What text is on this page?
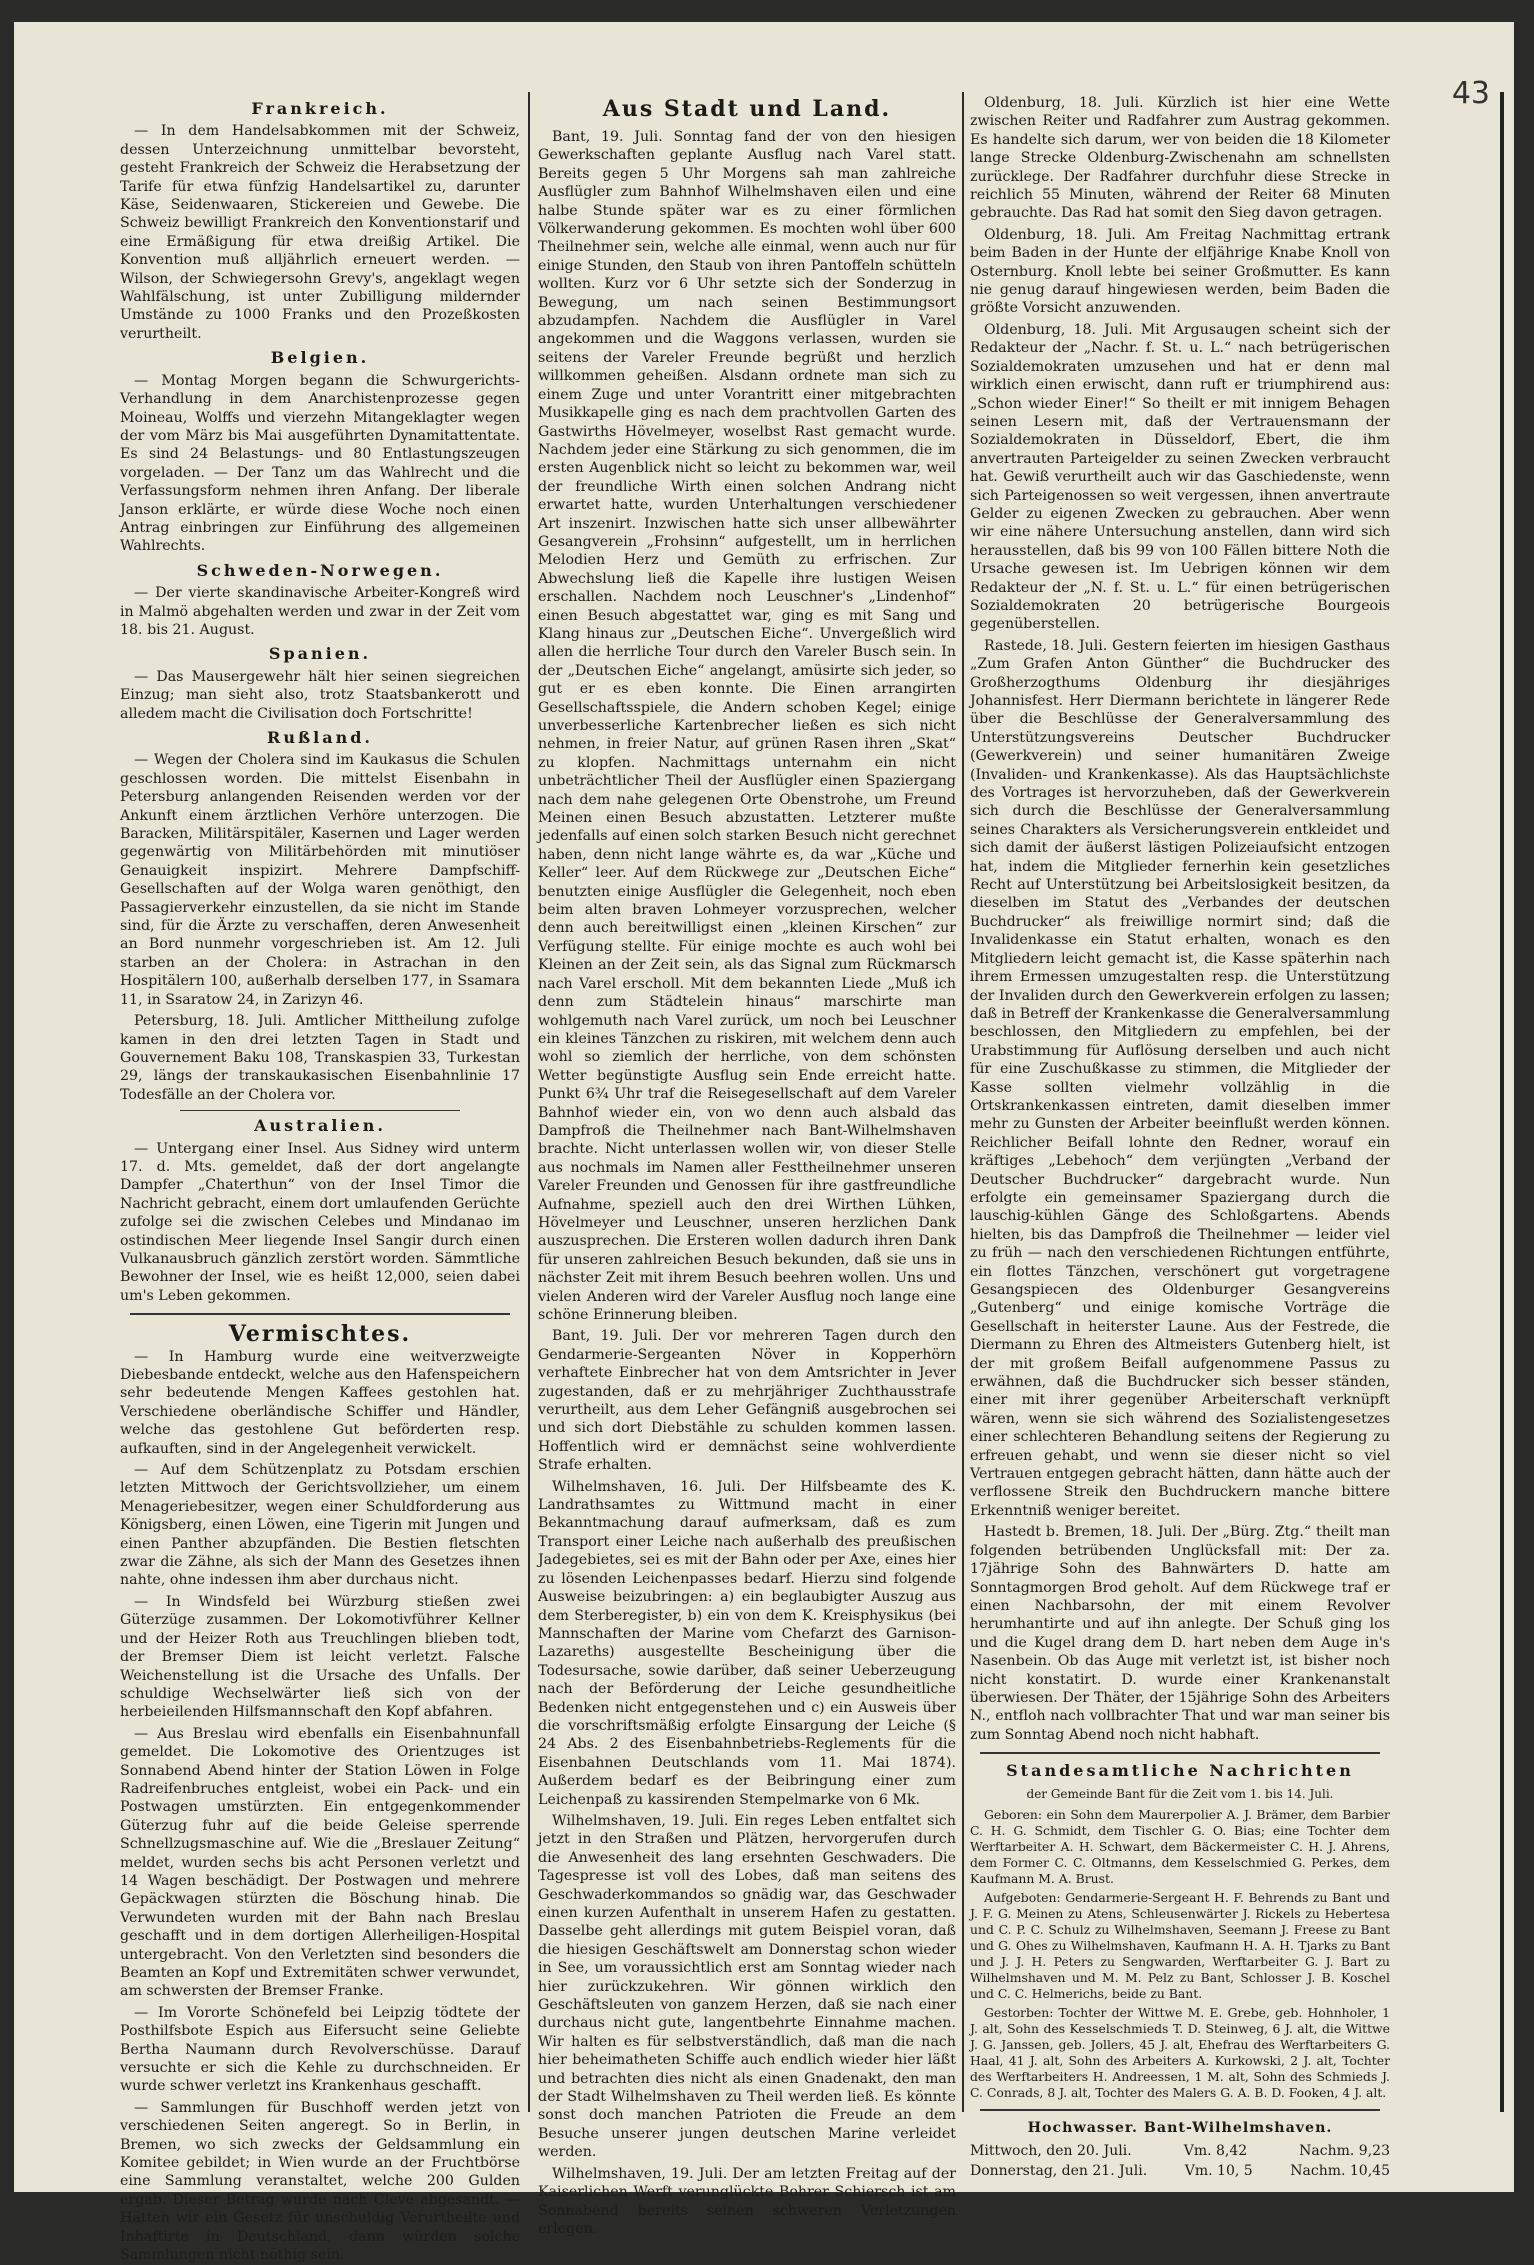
43
Frankreich.

— In dem Handelsabkommen mit der Schweiz, dessen Unterzeichnung unmittelbar bevorsteht, gesteht Frankreich der Schweiz die Herabsetzung der Tarife für etwa fünfzig Handelsartikel zu, darunter Käse, Seidenwaaren, Stickereien und Gewebe. Die Schweiz bewilligt Frankreich den Konventionstarif und eine Ermäßigung für etwa dreißig Artikel. Die Konvention muß alljährlich erneuert werden. — Wilson, der Schwiegersohn Grevy's, angeklagt wegen Wahlfälschung, ist unter Zubilligung mildernder Umstände zu 1000 Franks und den Prozeßkosten verurtheilt.

Belgien.

— Montag Morgen begann die Schwurgerichts-Verhandlung in dem Anarchistenprozesse gegen Moineau, Wolffs und vierzehn Mitangeklagter wegen der vom März bis Mai ausgeführten Dynamitattentate. Es sind 24 Belastungs- und 80 Entlastungszeugen vorgeladen. — Der Tanz um das Wahlrecht und die Verfassungsform nehmen ihren Anfang. Der liberale Janson erklärte, er würde diese Woche noch einen Antrag einbringen zur Einführung des allgemeinen Wahlrechts.

Schweden-Norwegen.

— Der vierte skandinavische Arbeiter-Kongreß wird in Malmö abgehalten werden und zwar in der Zeit vom 18. bis 21. August.

Spanien.

— Das Mausergewehr hält hier seinen siegreichen Einzug; man sieht also, trotz Staatsbankerott und alledem macht die Civilisation doch Fortschritte!

Rußland.

— Wegen der Cholera sind im Kaukasus die Schulen geschlossen worden. Die mittelst Eisenbahn in Petersburg anlangenden Reisenden werden vor der Ankunft einem ärztlichen Verhöre unterzogen. Die Baracken, Militärspitäler, Kasernen und Lager werden gegenwärtig von Militärbehörden mit minutiöser Genauigkeit inspizirt. Mehrere Dampfschiff-Gesellschaften auf der Wolga waren genöthigt, den Passagierverkehr einzustellen, da sie nicht im Stande sind, für die Ärzte zu verschaffen, deren Anwesenheit an Bord nunmehr vorgeschrieben ist. Am 12. Juli starben an der Cholera: in Astrachan in den Hospitälern 100, außerhalb derselben 177, in Ssamara 11, in Ssaratow 24, in Zarizyn 46.

Petersburg, 18. Juli. Amtlicher Mittheilung zufolge kamen in den drei letzten Tagen in Stadt und Gouvernement Baku 108, Transkaspien 33, Turkestan 29, längs der transkaukasischen Eisenbahnlinie 17 Todesfälle an der Cholera vor.

Australien.

— Untergang einer Insel. Aus Sidney wird unterm 17. d. Mts. gemeldet, daß der dort angelangte Dampfer „Chaterthun“ von der Insel Timor die Nachricht gebracht, einem dort umlaufenden Gerüchte zufolge sei die zwischen Celebes und Mindanao im ostindischen Meer liegende Insel Sangir durch einen Vulkanausbruch gänzlich zerstört worden. Sämmtliche Bewohner der Insel, wie es heißt 12,000, seien dabei um's Leben gekommen.

Vermischtes.

— In Hamburg wurde eine weitverzweigte Diebesbande entdeckt, welche aus den Hafenspeichern sehr bedeutende Mengen Kaffees gestohlen hat. Verschiedene oberländische Schiffer und Händler, welche das gestohlene Gut beförderten resp. aufkauften, sind in der Angelegenheit verwickelt.

— Auf dem Schützenplatz zu Potsdam erschien letzten Mittwoch der Gerichtsvollzieher, um einem Menageriebesitzer, wegen einer Schuldforderung aus Königsberg, einen Löwen, eine Tigerin mit Jungen und einen Panther abzupfänden. Die Bestien fletschten zwar die Zähne, als sich der Mann des Gesetzes ihnen nahte, ohne indessen ihm aber durchaus nicht.

— In Windsfeld bei Würzburg stießen zwei Güterzüge zusammen. Der Lokomotivführer Kellner und der Heizer Roth aus Treuchlingen blieben todt, der Bremser Diem ist leicht verletzt. Falsche Weichenstellung ist die Ursache des Unfalls. Der schuldige Wechselwärter ließ sich von der herbeieilenden Hilfsmannschaft den Kopf abfahren.

— Aus Breslau wird ebenfalls ein Eisenbahnunfall gemeldet. Die Lokomotive des Orientzuges ist Sonnabend Abend hinter der Station Löwen in Folge Radreifenbruches entgleist, wobei ein Pack- und ein Postwagen umstürzten. Ein entgegenkommender Güterzug fuhr auf die beide Geleise sperrende Schnellzugsmaschine auf. Wie die „Breslauer Zeitung“ meldet, wurden sechs bis acht Personen verletzt und 14 Wagen beschädigt. Der Postwagen und mehrere Gepäckwagen stürzten die Böschung hinab. Die Verwundeten wurden mit der Bahn nach Breslau geschafft und in dem dortigen Allerheiligen-Hospital untergebracht. Von den Verletzten sind besonders die Beamten an Kopf und Extremitäten schwer verwundet, am schwersten der Bremser Franke.

— Im Vororte Schönefeld bei Leipzig tödtete der Posthilfsbote Espich aus Eifersucht seine Geliebte Bertha Naumann durch Revolverschüsse. Darauf versuchte er sich die Kehle zu durchschneiden. Er wurde schwer verletzt ins Krankenhaus geschafft.

— Sammlungen für Buschhoff werden jetzt von verschiedenen Seiten angeregt. So in Berlin, in Bremen, wo sich zwecks der Geldsammlung ein Komitee gebildet; in Wien wurde an der Fruchtbörse eine Sammlung veranstaltet, welche 200 Gulden ergab. Dieser Betrag wurde nach Cleve abgesandt. — Hätten wir ein Gesetz für unschuldig Verurtheilte und Inhaftirte in Deutschland, dann würden solche Sammlungen nicht nöthig sein.

Aus Stadt und Land.

Bant, 19. Juli. Sonntag fand der von den hiesigen Gewerkschaften geplante Ausflug nach Varel statt. Bereits gegen 5 Uhr Morgens sah man zahlreiche Ausflügler zum Bahnhof Wilhelmshaven eilen und eine halbe Stunde später war es zu einer förmlichen Völkerwanderung gekommen. Es mochten wohl über 600 Theilnehmer sein, welche alle einmal, wenn auch nur für einige Stunden, den Staub von ihren Pantoffeln schütteln wollten. Kurz vor 6 Uhr setzte sich der Sonderzug in Bewegung, um nach seinen Bestimmungsort abzudampfen. Nachdem die Ausflügler in Varel angekommen und die Waggons verlassen, wurden sie seitens der Vareler Freunde begrüßt und herzlich willkommen geheißen. Alsdann ordnete man sich zu einem Zuge und unter Vorantritt einer mitgebrachten Musikkapelle ging es nach dem prachtvollen Garten des Gastwirths Hövelmeyer, woselbst Rast gemacht wurde. Nachdem jeder eine Stärkung zu sich genommen, die im ersten Augenblick nicht so leicht zu bekommen war, weil der freundliche Wirth einen solchen Andrang nicht erwartet hatte, wurden Unterhaltungen verschiedener Art inszenirt. Inzwischen hatte sich unser allbewährter Gesangverein „Frohsinn“ aufgestellt, um in herrlichen Melodien Herz und Gemüth zu erfrischen. Zur Abwechslung ließ die Kapelle ihre lustigen Weisen erschallen. Nachdem noch Leuschner's „Lindenhof“ einen Besuch abgestattet war, ging es mit Sang und Klang hinaus zur „Deutschen Eiche“. Unvergeßlich wird allen die herrliche Tour durch den Vareler Busch sein. In der „Deutschen Eiche“ angelangt, amüsirte sich jeder, so gut er es eben konnte. Die Einen arrangirten Gesellschaftsspiele, die Andern schoben Kegel; einige unverbesserliche Kartenbrecher ließen es sich nicht nehmen, in freier Natur, auf grünen Rasen ihren „Skat“ zu klopfen. Nachmittags unternahm ein nicht unbeträchtlicher Theil der Ausflügler einen Spaziergang nach dem nahe gelegenen Orte Obenstrohe, um Freund Meinen einen Besuch abzustatten. Letzterer mußte jedenfalls auf einen solch starken Besuch nicht gerechnet haben, denn nicht lange währte es, da war „Küche und Keller“ leer. Auf dem Rückwege zur „Deutschen Eiche“ benutzten einige Ausflügler die Gelegenheit, noch eben beim alten braven Lohmeyer vorzusprechen, welcher denn auch bereitwilligst einen „kleinen Kirschen“ zur Verfügung stellte. Für einige mochte es auch wohl bei Kleinen an der Zeit sein, als das Signal zum Rückmarsch nach Varel erscholl. Mit dem bekannten Liede „Muß ich denn zum Städtelein hinaus“ marschirte man wohlgemuth nach Varel zurück, um noch bei Leuschner ein kleines Tänzchen zu riskiren, mit welchem denn auch wohl so ziemlich der herrliche, von dem schönsten Wetter begünstigte Ausflug sein Ende erreicht hatte. Punkt 6¾ Uhr traf die Reisegesellschaft auf dem Vareler Bahnhof wieder ein, von wo denn auch alsbald das Dampfroß die Theilnehmer nach Bant-Wilhelmshaven brachte. Nicht unterlassen wollen wir, von dieser Stelle aus nochmals im Namen aller Festtheilnehmer unseren Vareler Freunden und Genossen für ihre gastfreundliche Aufnahme, speziell auch den drei Wirthen Lühken, Hövelmeyer und Leuschner, unseren herzlichen Dank auszusprechen. Die Ersteren wollen dadurch ihren Dank für unseren zahlreichen Besuch bekunden, daß sie uns in nächster Zeit mit ihrem Besuch beehren wollen. Uns und vielen Anderen wird der Vareler Ausflug noch lange eine schöne Erinnerung bleiben.

Bant, 19. Juli. Der vor mehreren Tagen durch den Gendarmerie-Sergeanten Növer in Kopperhörn verhaftete Einbrecher hat von dem Amtsrichter in Jever zugestanden, daß er zu mehrjähriger Zuchthausstrafe verurtheilt, aus dem Leher Gefängniß ausgebrochen sei und sich dort Diebstähle zu schulden kommen lassen. Hoffentlich wird er demnächst seine wohlverdiente Strafe erhalten.

Wilhelmshaven, 16. Juli. Der Hilfsbeamte des K. Landrathsamtes zu Wittmund macht in einer Bekanntmachung darauf aufmerksam, daß es zum Transport einer Leiche nach außerhalb des preußischen Jadegebietes, sei es mit der Bahn oder per Axe, eines hier zu lösenden Leichenpasses bedarf. Hierzu sind folgende Ausweise beizubringen: a) ein beglaubigter Auszug aus dem Sterberegister, b) ein von dem K. Kreisphysikus (bei Mannschaften der Marine vom Chefarzt des Garnison-Lazareths) ausgestellte Bescheinigung über die Todesursache, sowie darüber, daß seiner Ueberzeugung nach der Beförderung der Leiche gesundheitliche Bedenken nicht entgegenstehen und c) ein Ausweis über die vorschriftsmäßig erfolgte Einsargung der Leiche (§ 24 Abs. 2 des Eisenbahnbetriebs-Reglements für die Eisenbahnen Deutschlands vom 11. Mai 1874). Außerdem bedarf es der Beibringung einer zum Leichenpaß zu kassirenden Stempelmarke von 6 Mk.

Wilhelmshaven, 19. Juli. Ein reges Leben entfaltet sich jetzt in den Straßen und Plätzen, hervorgerufen durch die Anwesenheit des lang ersehnten Geschwaders. Die Tagespresse ist voll des Lobes, daß man seitens des Geschwaderkommandos so gnädig war, das Geschwader einen kurzen Aufenthalt in unserem Hafen zu gestatten. Dasselbe geht allerdings mit gutem Beispiel voran, daß die hiesigen Geschäftswelt am Donnerstag schon wieder in See, um voraussichtlich erst am Sonntag wieder nach hier zurückzukehren. Wir gönnen wirklich den Geschäftsleuten von ganzem Herzen, daß sie nach einer durchaus nicht gute, langentbehrte Einnahme machen. Wir halten es für selbstverständlich, daß man die nach hier beheimatheten Schiffe auch endlich wieder hier läßt und betrachten dies nicht als einen Gnadenakt, den man der Stadt Wilhelmshaven zu Theil werden ließ. Es könnte sonst doch manchen Patrioten die Freude an dem Besuche unserer jungen deutschen Marine verleidet werden.

Wilhelmshaven, 19. Juli. Der am letzten Freitag auf der Kaiserlichen Werft verunglückte Bohrer Schiersch ist am Sonnabend bereits seinen schweren Verletzungen erlegen.

Oldenburg, 18. Juli. Kürzlich ist hier eine Wette zwischen Reiter und Radfahrer zum Austrag gekommen. Es handelte sich darum, wer von beiden die 18 Kilometer lange Strecke Oldenburg-Zwischenahn am schnellsten zurücklege. Der Radfahrer durchfuhr diese Strecke in reichlich 55 Minuten, während der Reiter 68 Minuten gebrauchte. Das Rad hat somit den Sieg davon getragen.

Oldenburg, 18. Juli. Am Freitag Nachmittag ertrank beim Baden in der Hunte der elfjährige Knabe Knoll von Osternburg. Knoll lebte bei seiner Großmutter. Es kann nie genug darauf hingewiesen werden, beim Baden die größte Vorsicht anzuwenden.

Oldenburg, 18. Juli. Mit Argusaugen scheint sich der Redakteur der „Nachr. f. St. u. L.“ nach betrügerischen Sozialdemokraten umzusehen und hat er denn mal wirklich einen erwischt, dann ruft er triumphirend aus: „Schon wieder Einer!“ So theilt er mit innigem Behagen seinen Lesern mit, daß der Vertrauensmann der Sozialdemokraten in Düsseldorf, Ebert, die ihm anvertrauten Parteigelder zu seinen Zwecken verbraucht hat. Gewiß verurtheilt auch wir das Gaschiedenste, wenn sich Parteigenossen so weit vergessen, ihnen anvertraute Gelder zu eigenen Zwecken zu gebrauchen. Aber wenn wir eine nähere Untersuchung anstellen, dann wird sich herausstellen, daß bis 99 von 100 Fällen bittere Noth die Ursache gewesen ist. Im Uebrigen können wir dem Redakteur der „N. f. St. u. L.“ für einen betrügerischen Sozialdemokraten 20 betrügerische Bourgeois gegenüberstellen.

Rastede, 18. Juli. Gestern feierten im hiesigen Gasthaus „Zum Grafen Anton Günther“ die Buchdrucker des Großherzogthums Oldenburg ihr diesjähriges Johannisfest. Herr Diermann berichtete in längerer Rede über die Beschlüsse der Generalversammlung des Unterstützungsvereins Deutscher Buchdrucker (Gewerkverein) und seiner humanitären Zweige (Invaliden- und Krankenkasse). Als das Hauptsächlichste des Vortrages ist hervorzuheben, daß der Gewerkverein sich durch die Beschlüsse der Generalversammlung seines Charakters als Versicherungsverein entkleidet und sich damit der äußerst lästigen Polizeiaufsicht entzogen hat, indem die Mitglieder fernerhin kein gesetzliches Recht auf Unterstützung bei Arbeitslosigkeit besitzen, da dieselben im Statut des „Verbandes der deutschen Buchdrucker“ als freiwillige normirt sind; daß die Invalidenkasse ein Statut erhalten, wonach es den Mitgliedern leicht gemacht ist, die Kasse späterhin nach ihrem Ermessen umzugestalten resp. die Unterstützung der Invaliden durch den Gewerkverein erfolgen zu lassen; daß in Betreff der Krankenkasse die Generalversammlung beschlossen, den Mitgliedern zu empfehlen, bei der Urabstimmung für Auflösung derselben und auch nicht für eine Zuschußkasse zu stimmen, die Mitglieder der Kasse sollten vielmehr vollzählig in die Ortskrankenkassen eintreten, damit dieselben immer mehr zu Gunsten der Arbeiter beeinflußt werden können. Reichlicher Beifall lohnte den Redner, worauf ein kräftiges „Lebehoch“ dem verjüngten „Verband der Deutscher Buchdrucker“ dargebracht wurde. Nun erfolgte ein gemeinsamer Spaziergang durch die lauschig-kühlen Gänge des Schloßgartens. Abends hielten, bis das Dampfroß die Theilnehmer — leider viel zu früh — nach den verschiedenen Richtungen entführte, ein flottes Tänzchen, verschönert gut vorgetragene Gesangspiecen des Oldenburger Gesangvereins „Gutenberg“ und einige komische Vorträge die Gesellschaft in heiterster Laune. Aus der Festrede, die Diermann zu Ehren des Altmeisters Gutenberg hielt, ist der mit großem Beifall aufgenommene Passus zu erwähnen, daß die Buchdrucker sich besser ständen, einer mit ihrer gegenüber Arbeiterschaft verknüpft wären, wenn sie sich während des Sozialistengesetzes einer schlechteren Behandlung seitens der Regierung zu erfreuen gehabt, und wenn sie dieser nicht so viel Vertrauen entgegen gebracht hätten, dann hätte auch der verflossene Streik den Buchdruckern manche bittere Erkenntniß weniger bereitet.

Hastedt b. Bremen, 18. Juli. Der „Bürg. Ztg.“ theilt man folgenden betrübenden Unglücksfall mit: Der za. 17jährige Sohn des Bahnwärters D. hatte am Sonntagmorgen Brod geholt. Auf dem Rückwege traf er einen Nachbarsohn, der mit einem Revolver herumhantirte und auf ihn anlegte. Der Schuß ging los und die Kugel drang dem D. hart neben dem Auge in's Nasenbein. Ob das Auge mit verletzt ist, ist bisher noch nicht konstatirt. D. wurde einer Krankenanstalt überwiesen. Der Thäter, der 15jährige Sohn des Arbeiters N., entfloh nach vollbrachter That und war man seiner bis zum Sonntag Abend noch nicht habhaft.

Standesamtliche Nachrichten
der Gemeinde Bant für die Zeit vom 1. bis 14. Juli.

Geboren: ein Sohn dem Maurerpolier A. J. Brämer, dem Barbier C. H. G. Schmidt, dem Tischler G. O. Bias; eine Tochter dem Werftarbeiter A. H. Schwart, dem Bäckermeister C. H. J. Ahrens, dem Former C. C. Oltmanns, dem Kesselschmied G. Perkes, dem Kaufmann M. A. Brust.

Aufgeboten: Gendarmerie-Sergeant H. F. Behrends zu Bant und J. F. G. Meinen zu Atens, Schleusenwärter J. Rickels zu Hebertesa und C. P. C. Schulz zu Wilhelmshaven, Seemann J. Freese zu Bant und G. Ohes zu Wilhelmshaven, Kaufmann H. A. H. Tjarks zu Bant und J. J. H. Peters zu Sengwarden, Werftarbeiter G. J. Bart zu Wilhelmshaven und M. M. Pelz zu Bant, Schlosser J. B. Koschel und C. C. Helmerichs, beide zu Bant.

Gestorben: Tochter der Wittwe M. E. Grebe, geb. Hohnholer, 1 J. alt, Sohn des Kesselschmieds T. D. Steinweg, 6 J. alt, die Wittwe J. G. Janssen, geb. Jollers, 45 J. alt, Ehefrau des Werftarbeiters G. Haal, 41 J. alt, Sohn des Arbeiters A. Kurkowski, 2 J. alt, Tochter des Werftarbeiters H. Andreessen, 1 M. alt, Sohn des Schmieds J. C. Conrads, 8 J. alt, Tochter des Malers G. A. B. D. Fooken, 4 J. alt.

Hochwasser. Bant-Wilhelmshaven.
Mittwoch, den 20. Juli.	Vm. 8,42	Nachm. 9,23
Donnerstag, den 21. Juli.	Vm. 10, 5	Nachm. 10,45
